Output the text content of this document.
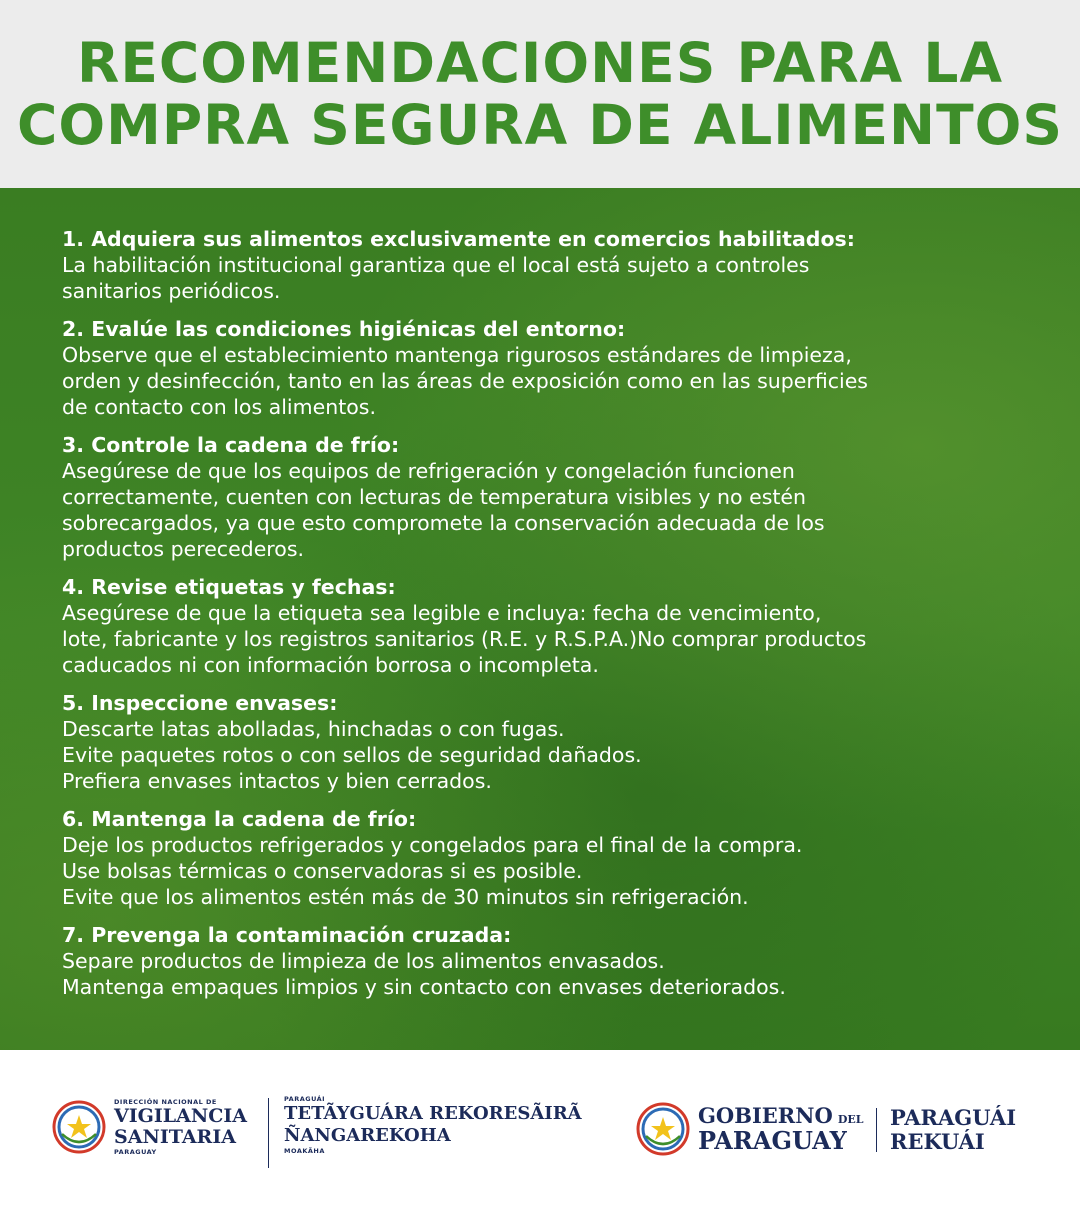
RECOMENDACIONES PARA LA
COMPRA SEGURA DE ALIMENTOS
1. Adquiera sus alimentos exclusivamente en comercios habilitados:
La habilitación institucional garantiza que el local está sujeto a controles
sanitarios periódicos.
2. Evalúe las condiciones higiénicas del entorno:
Observe que el establecimiento mantenga rigurosos estándares de limpieza,
orden y desinfección, tanto en las áreas de exposición como en las superficies
de contacto con los alimentos.
3. Controle la cadena de frío:
Asegúrese de que los equipos de refrigeración y congelación funcionen
correctamente, cuenten con lecturas de temperatura visibles y no estén
sobrecargados, ya que esto compromete la conservación adecuada de los
productos perecederos.
4. Revise etiquetas y fechas:
Asegúrese de que la etiqueta sea legible e incluya: fecha de vencimiento,
lote, fabricante y los registros sanitarios (R.E. y R.S.P.A.)No comprar productos
caducados ni con información borrosa o incompleta.
5. Inspeccione envases:
Descarte latas abolladas, hinchadas o con fugas.
Evite paquetes rotos o con sellos de seguridad dañados.
Prefiera envases intactos y bien cerrados.
6. Mantenga la cadena de frío:
Deje los productos refrigerados y congelados para el final de la compra.
Use bolsas térmicas o conservadoras si es posible.
Evite que los alimentos estén más de 30 minutos sin refrigeración.
7. Prevenga la contaminación cruzada:
Separe productos de limpieza de los alimentos envasados.
Mantenga empaques limpios y sin contacto con envases deteriorados.
DIRECCIÓN NACIONAL DE
VIGILANCIA
SANITARIA
PARAGUAY
PARAGUÁI
TETÃYGUÁRA REKORESÃIRÃ
ÑANGAREKOHA
MOAKÃHA
GOBIERNO DEL
PARAGUAY
PARAGUÁI
REKUÁI
